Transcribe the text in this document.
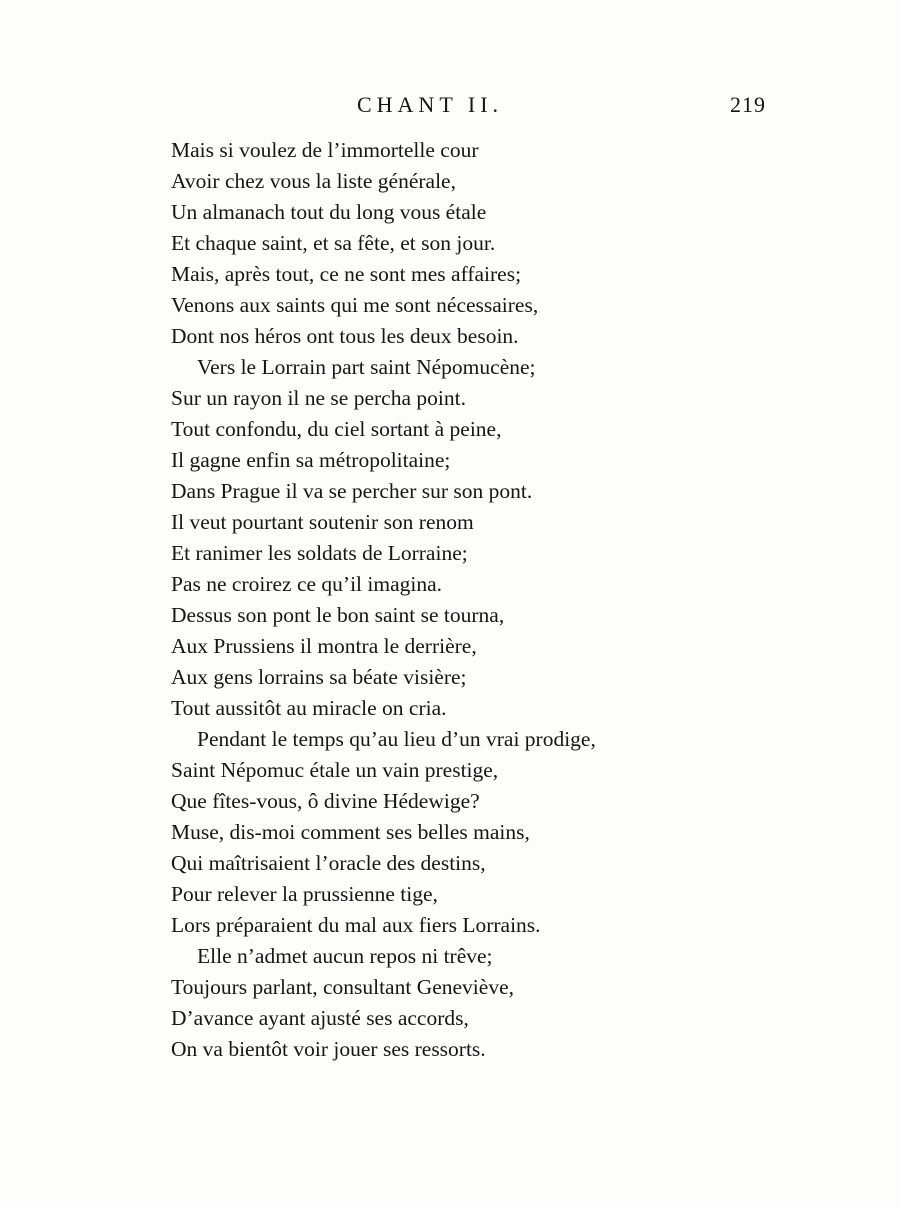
CHANT II.	219
Mais si voulez de l’immortelle cour
Avoir chez vous la liste générale,
Un almanach tout du long vous étale
Et chaque saint, et sa fête, et son jour.
Mais, après tout, ce ne sont mes affaires;
Venons aux saints qui me sont nécessaires,
Dont nos héros ont tous les deux besoin.
Vers le Lorrain part saint Népomucène;
Sur un rayon il ne se percha point.
Tout confondu, du ciel sortant à peine,
Il gagne enfin sa métropolitaine;
Dans Prague il va se percher sur son pont.
Il veut pourtant soutenir son renom
Et ranimer les soldats de Lorraine;
Pas ne croirez ce qu’il imagina.
Dessus son pont le bon saint se tourna,
Aux Prussiens il montra le derrière,
Aux gens lorrains sa béate visière;
Tout aussitôt au miracle on cria.
Pendant le temps qu’au lieu d’un vrai prodige,
Saint Népomuc étale un vain prestige,
Que fîtes-vous, ô divine Hédewige?
Muse, dis-moi comment ses belles mains,
Qui maîtrisaient l’oracle des destins,
Pour relever la prussienne tige,
Lors préparaient du mal aux fiers Lorrains.
Elle n’admet aucun repos ni trêve;
Toujours parlant, consultant Geneviève,
D’avance ayant ajusté ses accords,
On va bientôt voir jouer ses ressorts.
